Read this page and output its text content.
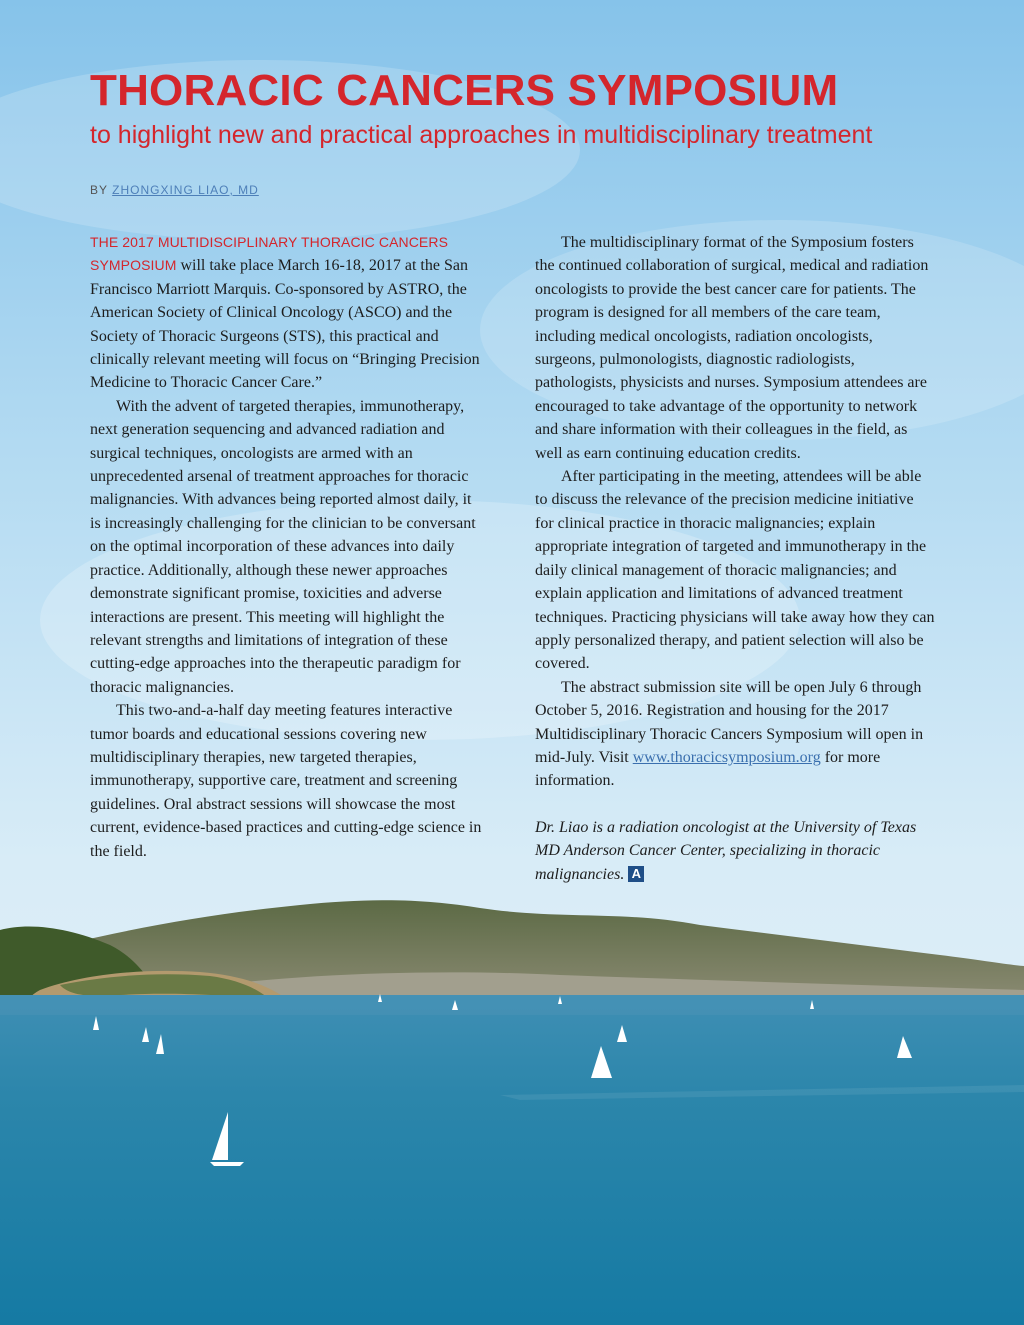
THORACIC CANCERS SYMPOSIUM
to highlight new and practical approaches in multidisciplinary treatment
BY ZHONGXING LIAO, MD

THE 2017 MULTIDISCIPLINARY THORACIC CANCERS SYMPOSIUM will take place March 16-18, 2017 at the San Francisco Marriott Marquis. Co-sponsored by ASTRO, the American Society of Clinical Oncology (ASCO) and the Society of Thoracic Surgeons (STS), this practical and clinically relevant meeting will focus on “Bringing Precision Medicine to Thoracic Cancer Care.”

With the advent of targeted therapies, immunotherapy, next generation sequencing and advanced radiation and surgical techniques, oncologists are armed with an unprecedented arsenal of treatment approaches for thoracic malignancies. With advances being reported almost daily, it is increasingly challenging for the clinician to be conversant on the optimal incorporation of these advances into daily practice. Additionally, although these newer approaches demonstrate significant promise, toxicities and adverse interactions are present. This meeting will highlight the relevant strengths and limitations of integration of these cutting-edge approaches into the therapeutic paradigm for thoracic malignancies.

This two-and-a-half day meeting features interactive tumor boards and educational sessions covering new multidisciplinary therapies, new targeted therapies, immunotherapy, supportive care, treatment and screening guidelines. Oral abstract sessions will showcase the most current, evidence-based practices and cutting-edge science in the field.

The multidisciplinary format of the Symposium fosters the continued collaboration of surgical, medical and radiation oncologists to provide the best cancer care for patients. The program is designed for all members of the care team, including medical oncologists, radiation oncologists, surgeons, pulmonologists, diagnostic radiologists, pathologists, physicists and nurses. Symposium attendees are encouraged to take advantage of the opportunity to network and share information with their colleagues in the field, as well as earn continuing education credits.

After participating in the meeting, attendees will be able to discuss the relevance of the precision medicine initiative for clinical practice in thoracic malignancies; explain appropriate integration of targeted and immunotherapy in the daily clinical management of thoracic malignancies; and explain application and limitations of advanced treatment techniques. Practicing physicians will take away how they can apply personalized therapy, and patient selection will also be covered.

The abstract submission site will be open July 6 through October 5, 2016. Registration and housing for the 2017 Multidisciplinary Thoracic Cancers Symposium will open in mid-July. Visit www.thoracicsymposium.org for more information.

Dr. Liao is a radiation oncologist at the University of Texas MD Anderson Cancer Center, specializing in thoracic malignancies. A
